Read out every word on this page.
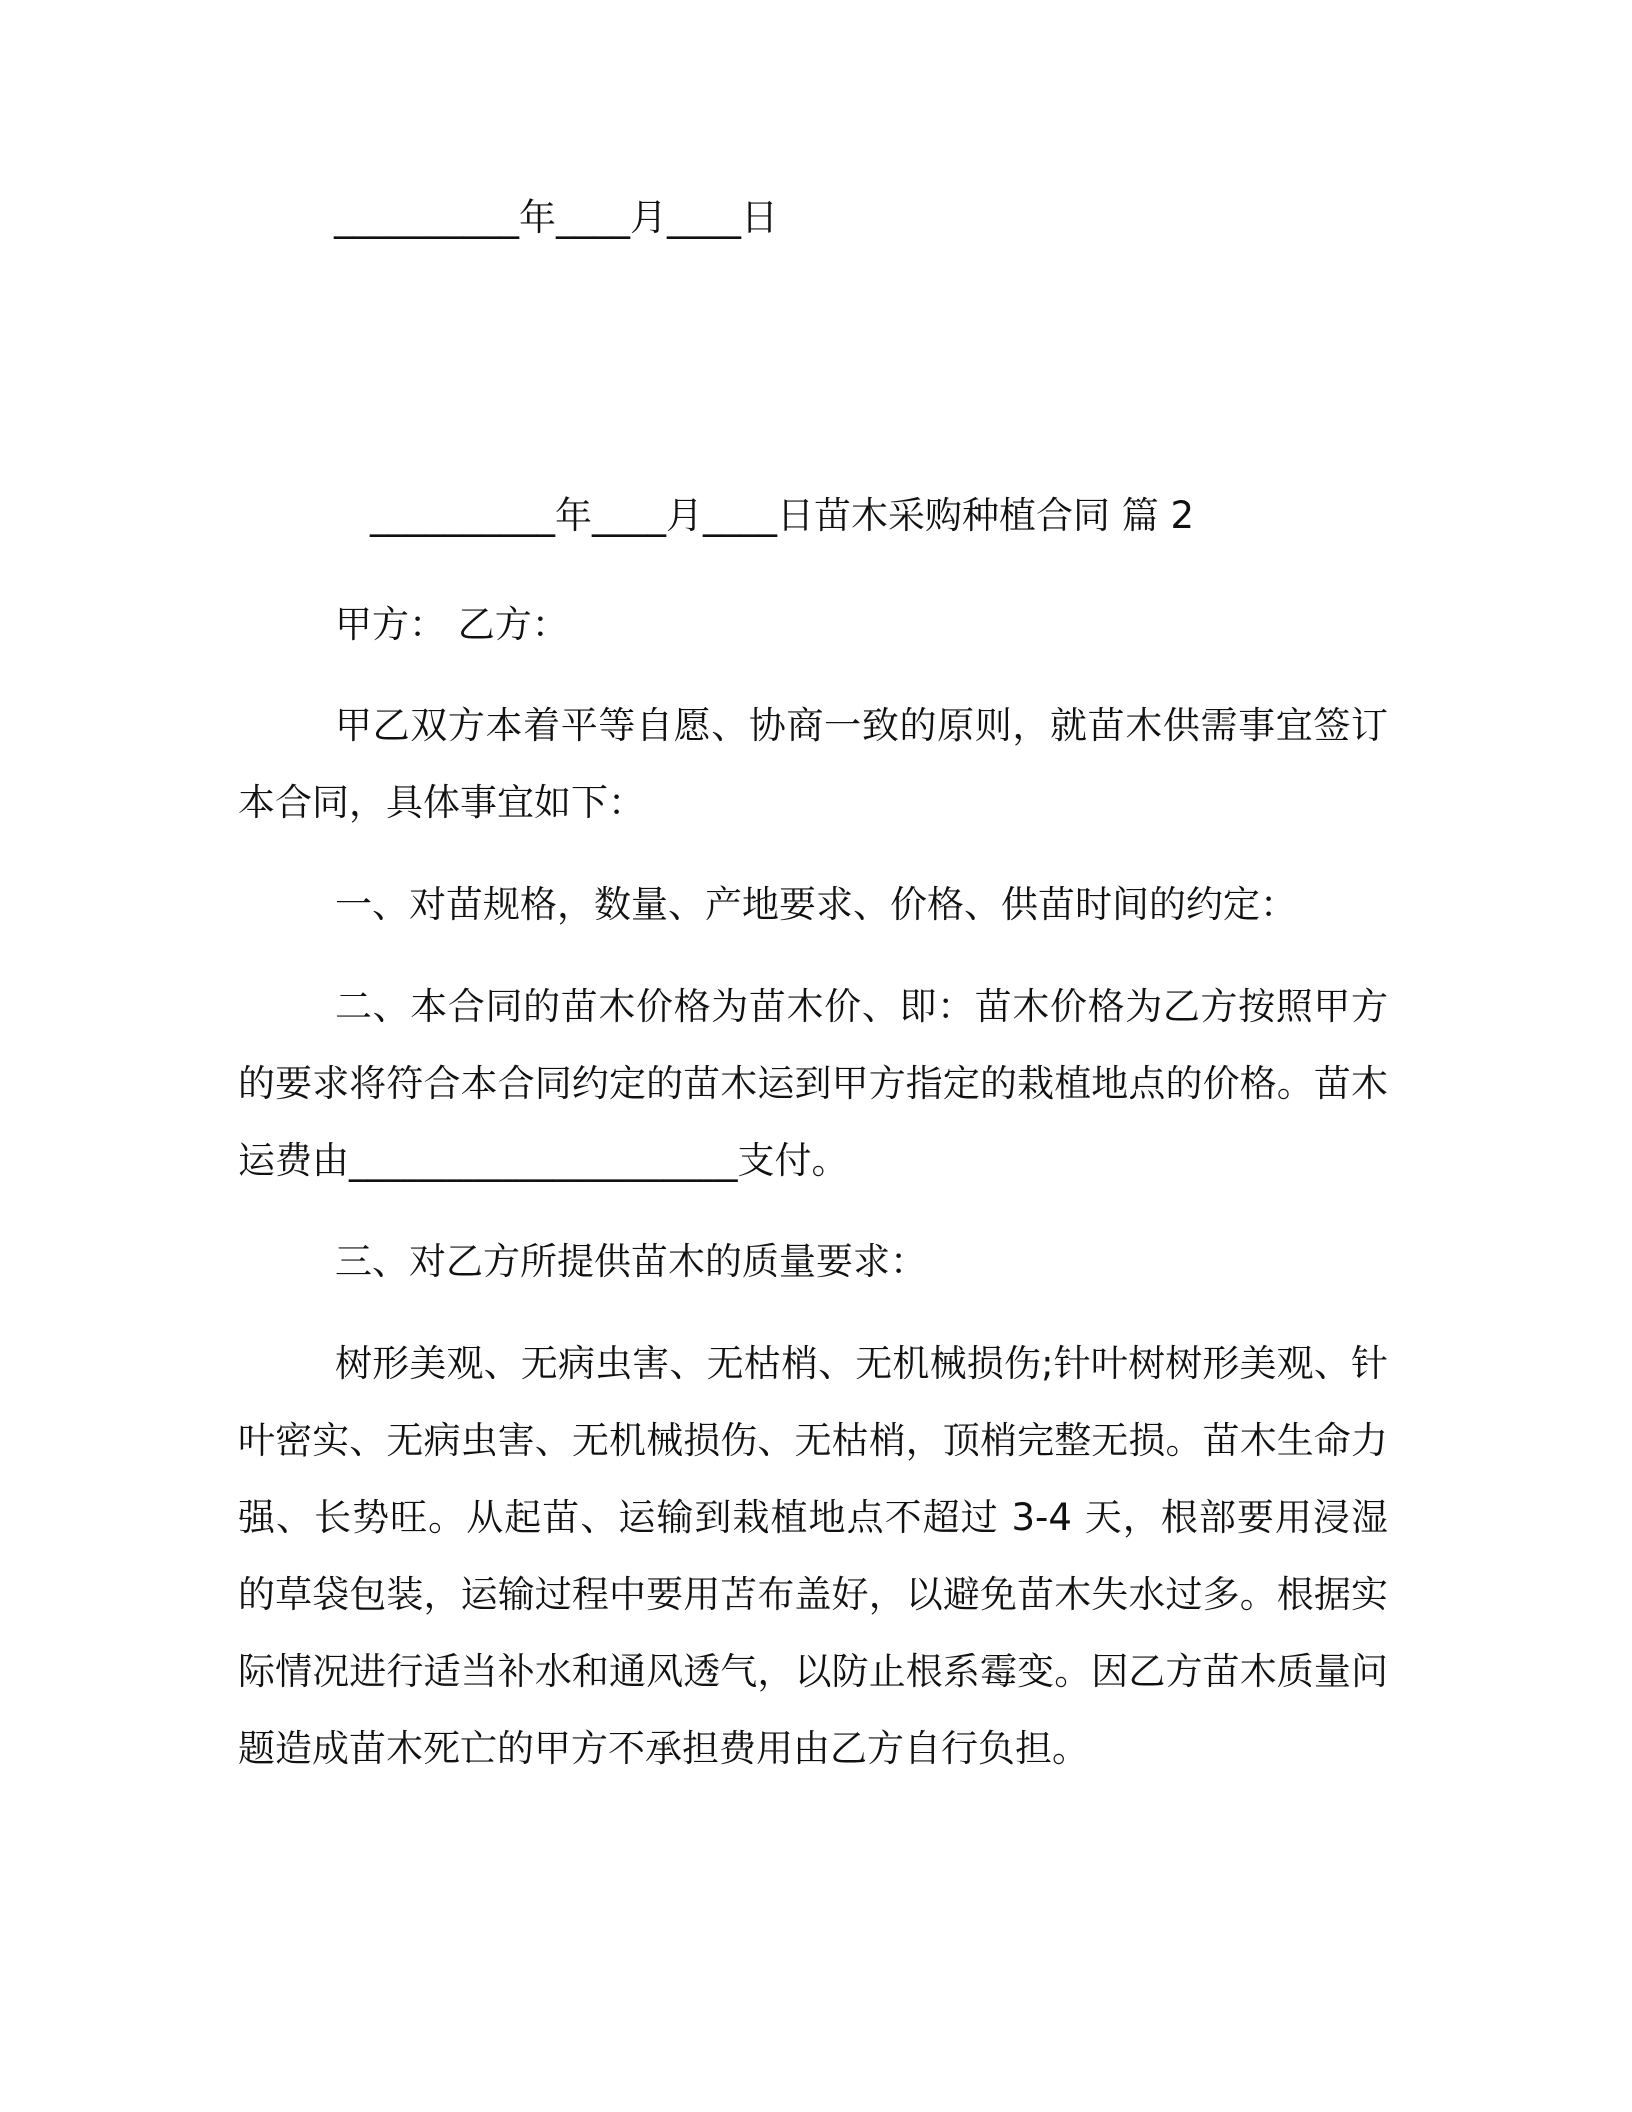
__________年____月____日
__________年____月____日苗木采购种植合同 篇 2
甲方： 乙方：
甲乙双方本着平等自愿、协商一致的原则，就苗木供需事宜签订本合同，具体事宜如下：
一、对苗规格，数量、产地要求、价格、供苗时间的约定：
二、本合同的苗木价格为苗木价、即：苗木价格为乙方按照甲方的要求将符合本合同约定的苗木运到甲方指定的栽植地点的价格。苗木运费由_____________________支付。
三、对乙方所提供苗木的质量要求：
树形美观、无病虫害、无枯梢、无机械损伤;针叶树树形美观、针叶密实、无病虫害、无机械损伤、无枯梢，顶梢完整无损。苗木生命力强、长势旺。从起苗、运输到栽植地点不超过 3-4 天，根部要用浸湿的草袋包装，运输过程中要用苫布盖好，以避免苗木失水过多。根据实际情况进行适当补水和通风透气，以防止根系霉变。因乙方苗木质量问题造成苗木死亡的甲方不承担费用由乙方自行负担。
